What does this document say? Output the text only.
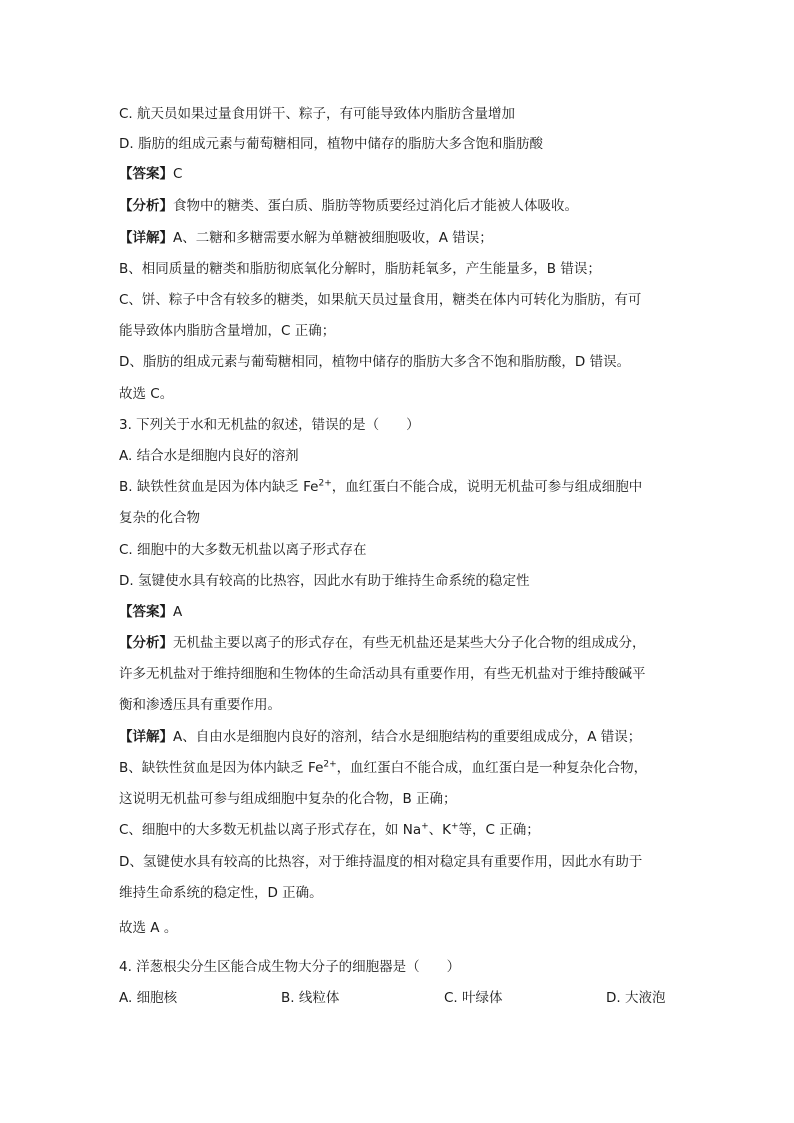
C. 航天员如果过量食用饼干、粽子，有可能导致体内脂肪含量增加
D. 脂肪的组成元素与葡萄糖相同，植物中储存的脂肪大多含饱和脂肪酸
【答案】C
【分析】食物中的糖类、蛋白质、脂肪等物质要经过消化后才能被人体吸收。
【详解】A、二糖和多糖需要水解为单糖被细胞吸收，A 错误；
B、相同质量的糖类和脂肪彻底氧化分解时，脂肪耗氧多，产生能量多，B 错误；
C、饼、粽子中含有较多的糖类，如果航天员过量食用，糖类在体内可转化为脂肪，有可
能导致体内脂肪含量增加，C 正确；
D、脂肪的组成元素与葡萄糖相同，植物中储存的脂肪大多含不饱和脂肪酸，D 错误。
故选 C。
3. 下列关于水和无机盐的叙述，错误的是（　　）
A. 结合水是细胞内良好的溶剂
B. 缺铁性贫血是因为体内缺乏 $Fe^{2+}$，血红蛋白不能合成，说明无机盐可参与组成细胞中
复杂的化合物
C. 细胞中的大多数无机盐以离子形式存在
D. 氢键使水具有较高的比热容，因此水有助于维持生命系统的稳定性
【答案】A
【分析】无机盐主要以离子的形式存在，有些无机盐还是某些大分子化合物的组成成分，
许多无机盐对于维持细胞和生物体的生命活动具有重要作用，有些无机盐对于维持酸碱平
衡和渗透压具有重要作用。
【详解】A、自由水是细胞内良好的溶剂，结合水是细胞结构的重要组成成分，A 错误；
B、缺铁性贫血是因为体内缺乏 $Fe^{2+}$，血红蛋白不能合成，血红蛋白是一种复杂化合物，
这说明无机盐可参与组成细胞中复杂的化合物，B 正确；
C、细胞中的大多数无机盐以离子形式存在，如 Na+、K+等，C 正确；
D、氢键使水具有较高的比热容，对于维持温度的相对稳定具有重要作用，因此水有助于
维持生命系统的稳定性，D 正确。
故选 A 。
4. 洋葱根尖分生区能合成生物大分子的细胞器是（　　）
A. 细胞核	B. 线粒体	C. 叶绿体	D. 大液泡
